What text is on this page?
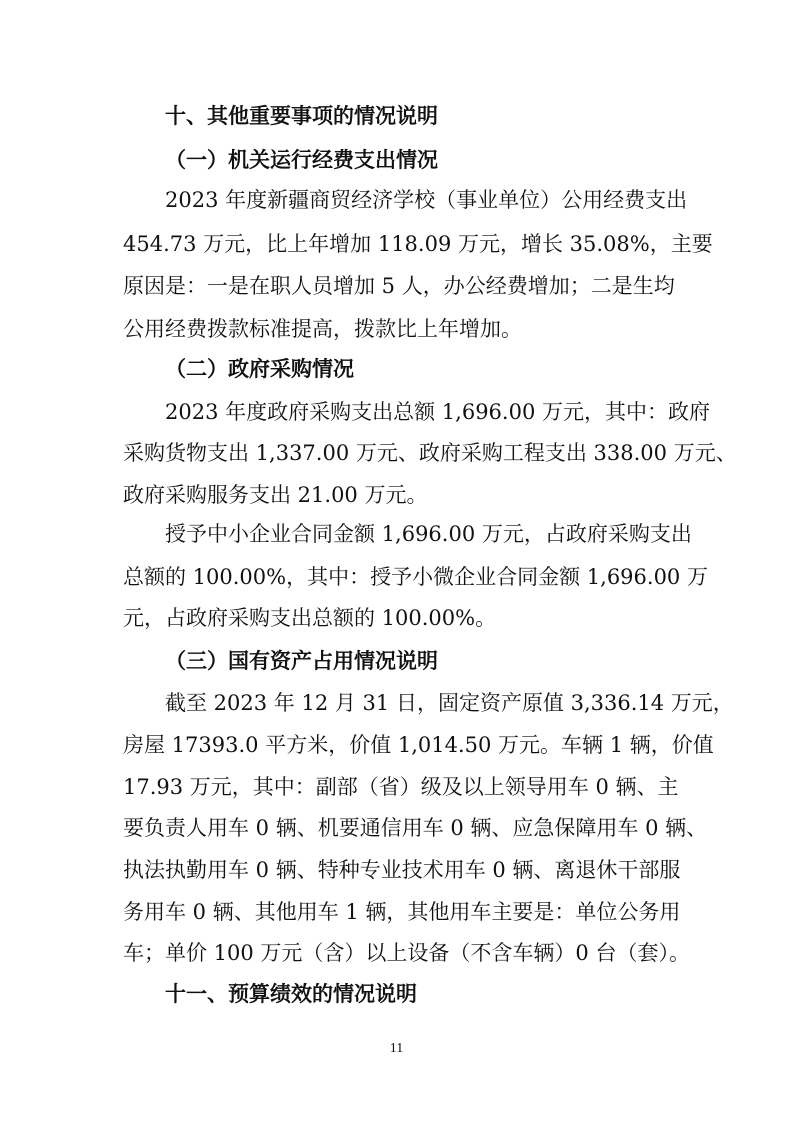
十、其他重要事项的情况说明
（一）机关运行经费支出情况
2023 年度新疆商贸经济学校（事业单位）公用经费支出
454.73 万元，比上年增加 118.09 万元，增长 35.08%，主要
原因是：一是在职人员增加 5 人，办公经费增加；二是生均
公用经费拨款标准提高，拨款比上年增加。
（二）政府采购情况
2023 年度政府采购支出总额 1,696.00 万元，其中：政府
采购货物支出 1,337.00 万元、政府采购工程支出 338.00 万元、
政府采购服务支出 21.00 万元。
授予中小企业合同金额 1,696.00 万元，占政府采购支出
总额的 100.00%，其中：授予小微企业合同金额 1,696.00 万
元，占政府采购支出总额的 100.00%。
（三）国有资产占用情况说明
截至 2023 年 12 月 31 日，固定资产原值 3,336.14 万元，
房屋 17393.0 平方米，价值 1,014.50 万元。车辆 1 辆，价值
17.93 万元，其中：副部（省）级及以上领导用车 0 辆、主
要负责人用车 0 辆、机要通信用车 0 辆、应急保障用车 0 辆、
执法执勤用车 0 辆、特种专业技术用车 0 辆、离退休干部服
务用车 0 辆、其他用车 1 辆，其他用车主要是：单位公务用
车；单价 100 万元（含）以上设备（不含车辆）0 台（套）。
十一、预算绩效的情况说明
11
